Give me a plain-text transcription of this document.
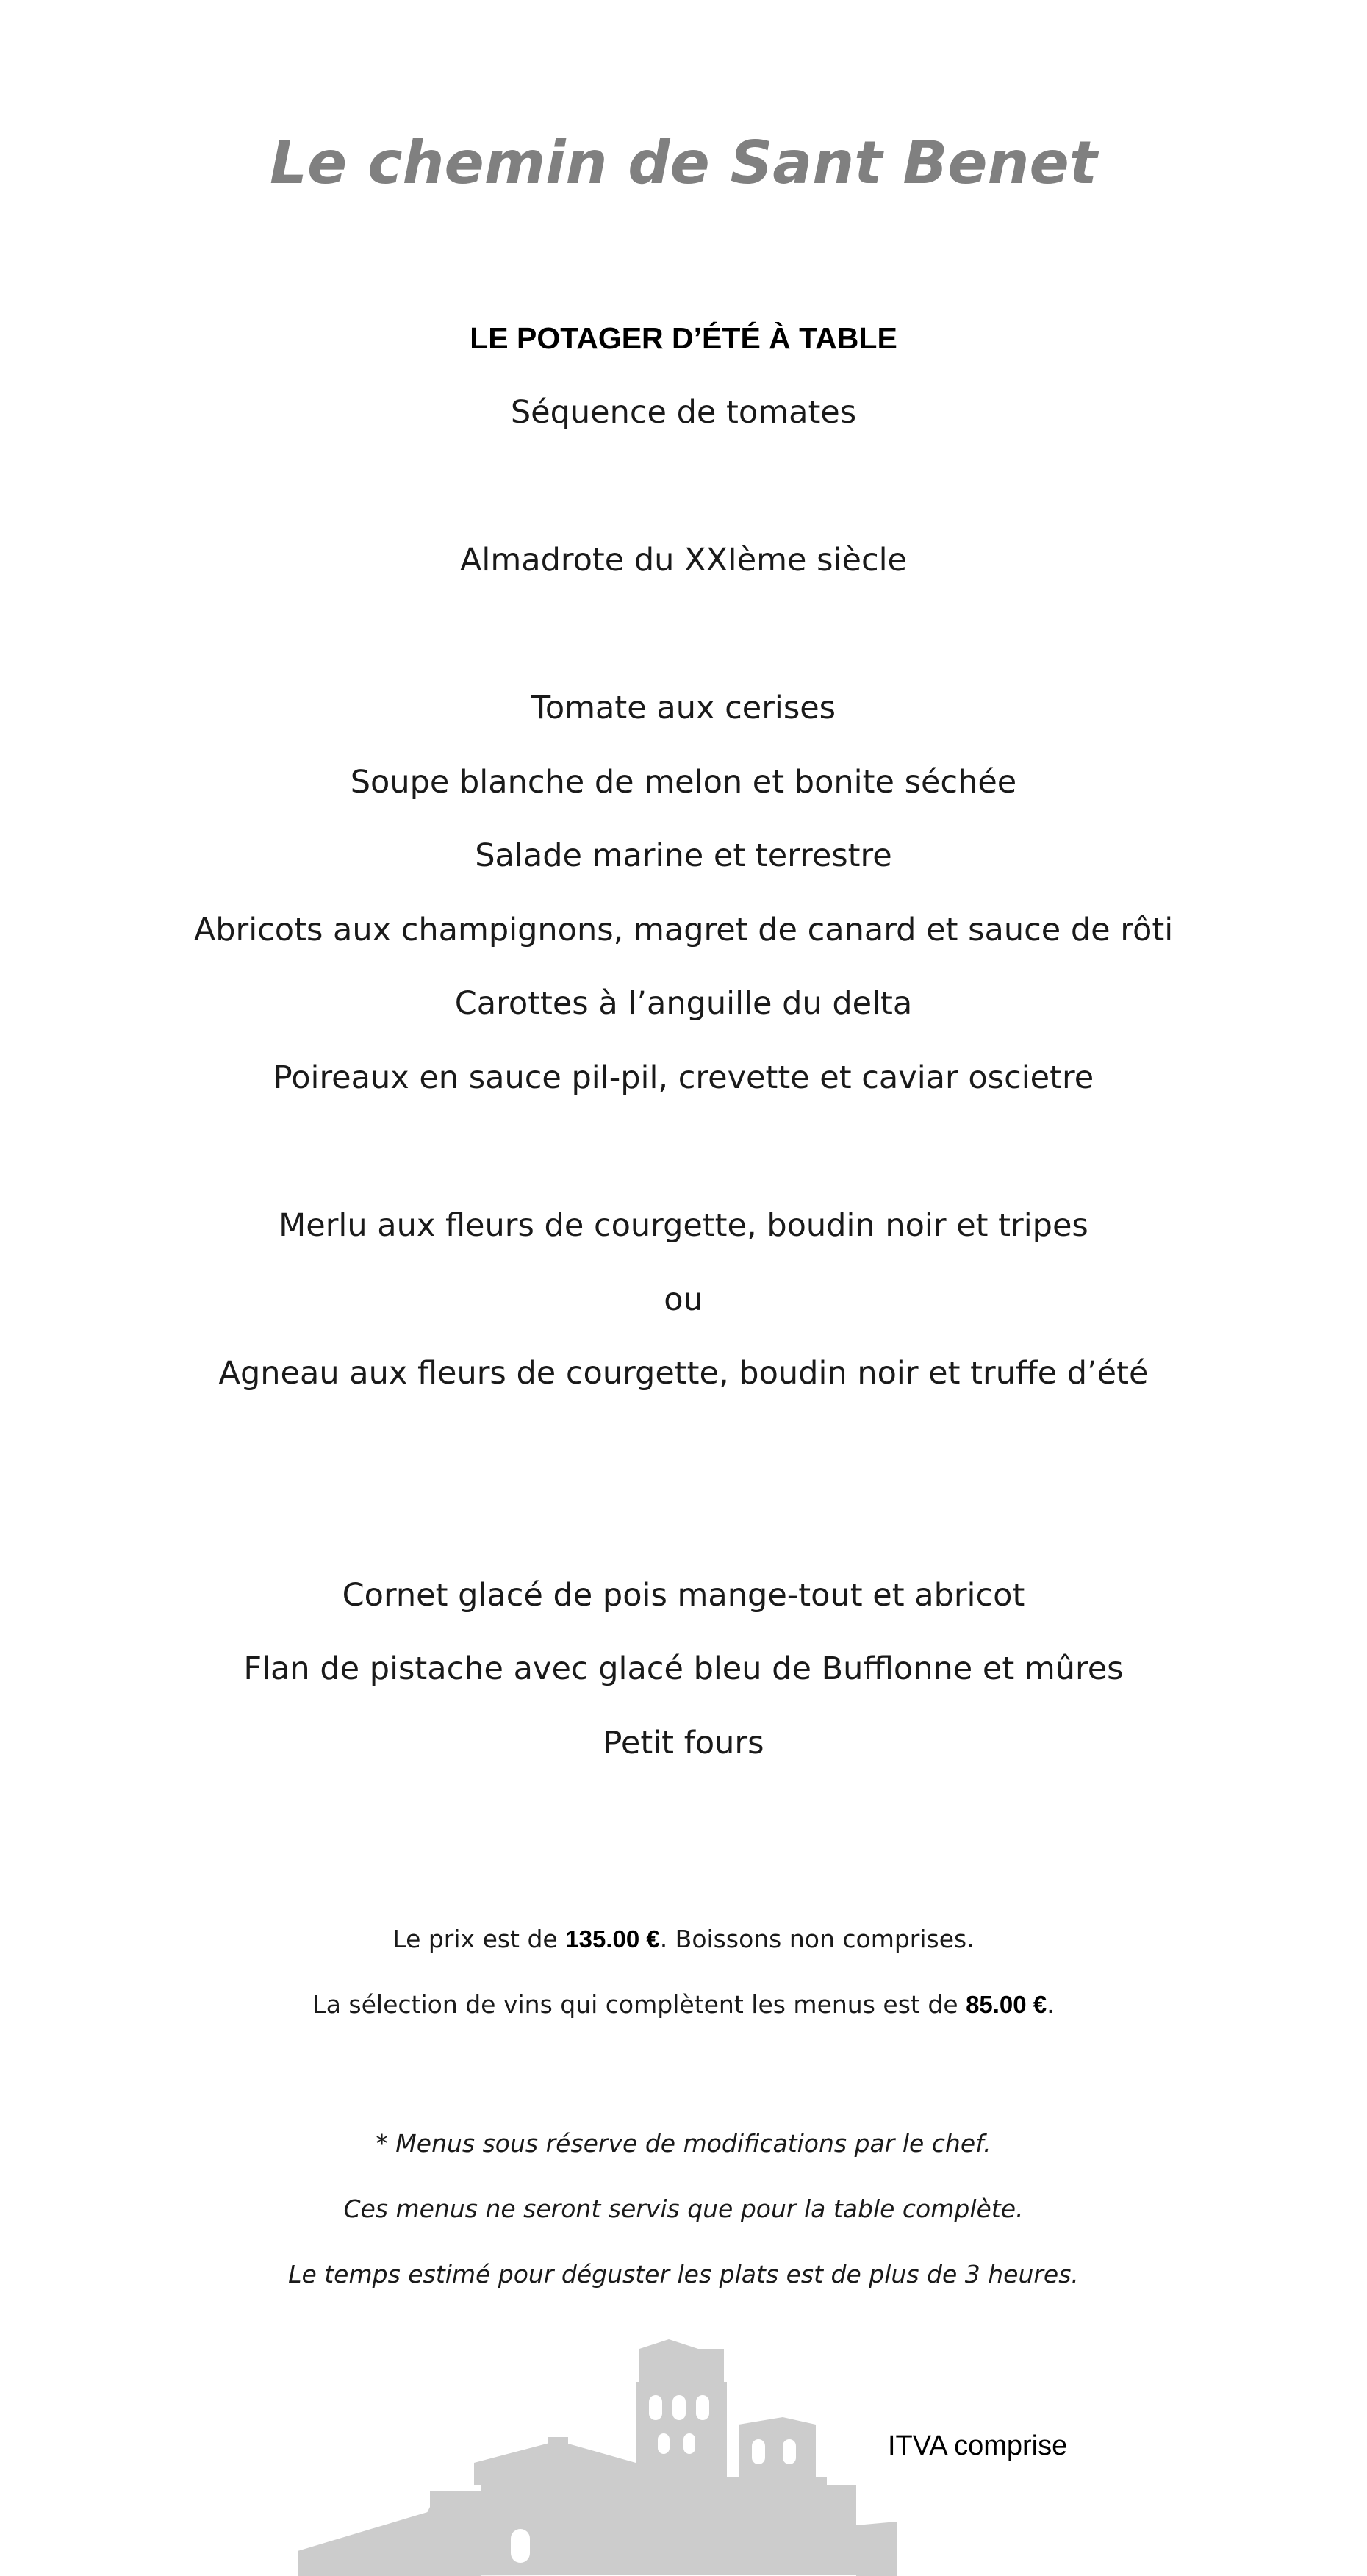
Le chemin de Sant Benet
LE POTAGER D’ÉTÉ À TABLE
Séquence de tomates
Almadrote du XXIème siècle
Tomate aux cerises
Soupe blanche de melon et bonite séchée
Salade marine et terrestre
Abricots aux champignons, magret de canard et sauce de rôti
Carottes à l’anguille du delta
Poireaux en sauce pil-pil, crevette et caviar oscietre
Merlu aux fleurs de courgette, boudin noir et tripes
ou
Agneau aux fleurs de courgette, boudin noir et truffe d’été
Cornet glacé de pois mange-tout et abricot
Flan de pistache avec glacé bleu de Bufflonne et mûres
Petit fours
Le prix est de 135.00 €. Boissons non comprises.
La sélection de vins qui complètent les menus est de 85.00 €.
* Menus sous réserve de modifications par le chef.
Ces menus ne seront servis que pour la table complète.
Le temps estimé pour déguster les plats est de plus de 3 heures.
ITVA comprise
